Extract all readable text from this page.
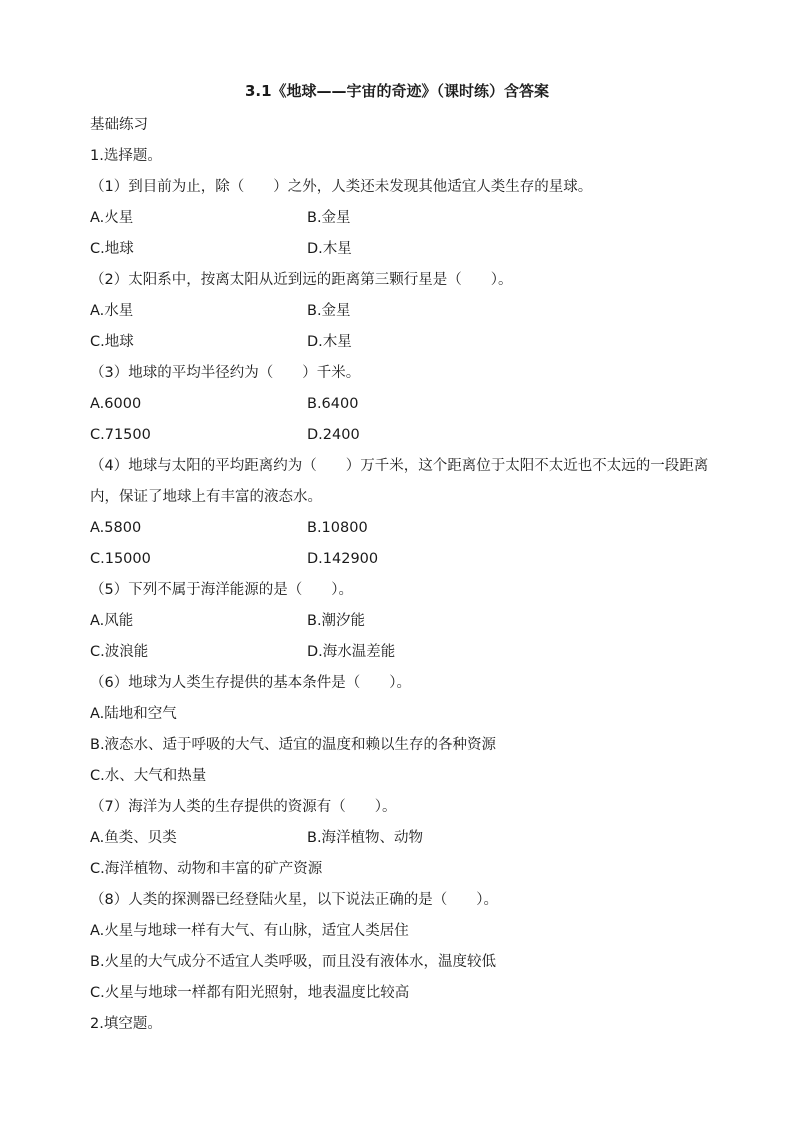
3.1《地球——宇宙的奇迹》（课时练）含答案
基础练习
1.选择题。
（1）到目前为止，除（　　）之外，人类还未发现其他适宜人类生存的星球。
A.火星	B.金星
C.地球	D.木星
（2）太阳系中，按离太阳从近到远的距离第三颗行星是（　　）。
A.水星	B.金星
C.地球	D.木星
（3）地球的平均半径约为（　　）千米。
A.6000	B.6400
C.71500	D.2400
（4）地球与太阳的平均距离约为（　　）万千米，这个距离位于太阳不太近也不太远的一段距离内，保证了地球上有丰富的液态水。
A.5800	B.10800
C.15000	D.142900
（5）下列不属于海洋能源的是（　　）。
A.风能	B.潮汐能
C.波浪能	D.海水温差能
（6）地球为人类生存提供的基本条件是（　　）。
A.陆地和空气
B.液态水、适于呼吸的大气、适宜的温度和赖以生存的各种资源
C.水、大气和热量
（7）海洋为人类的生存提供的资源有（　　）。
A.鱼类、贝类	B.海洋植物、动物
C.海洋植物、动物和丰富的矿产资源
（8）人类的探测器已经登陆火星，以下说法正确的是（　　）。
A.火星与地球一样有大气、有山脉，适宜人类居住
B.火星的大气成分不适宜人类呼吸，而且没有液体水，温度较低
C.火星与地球一样都有阳光照射，地表温度比较高
2.填空题。
